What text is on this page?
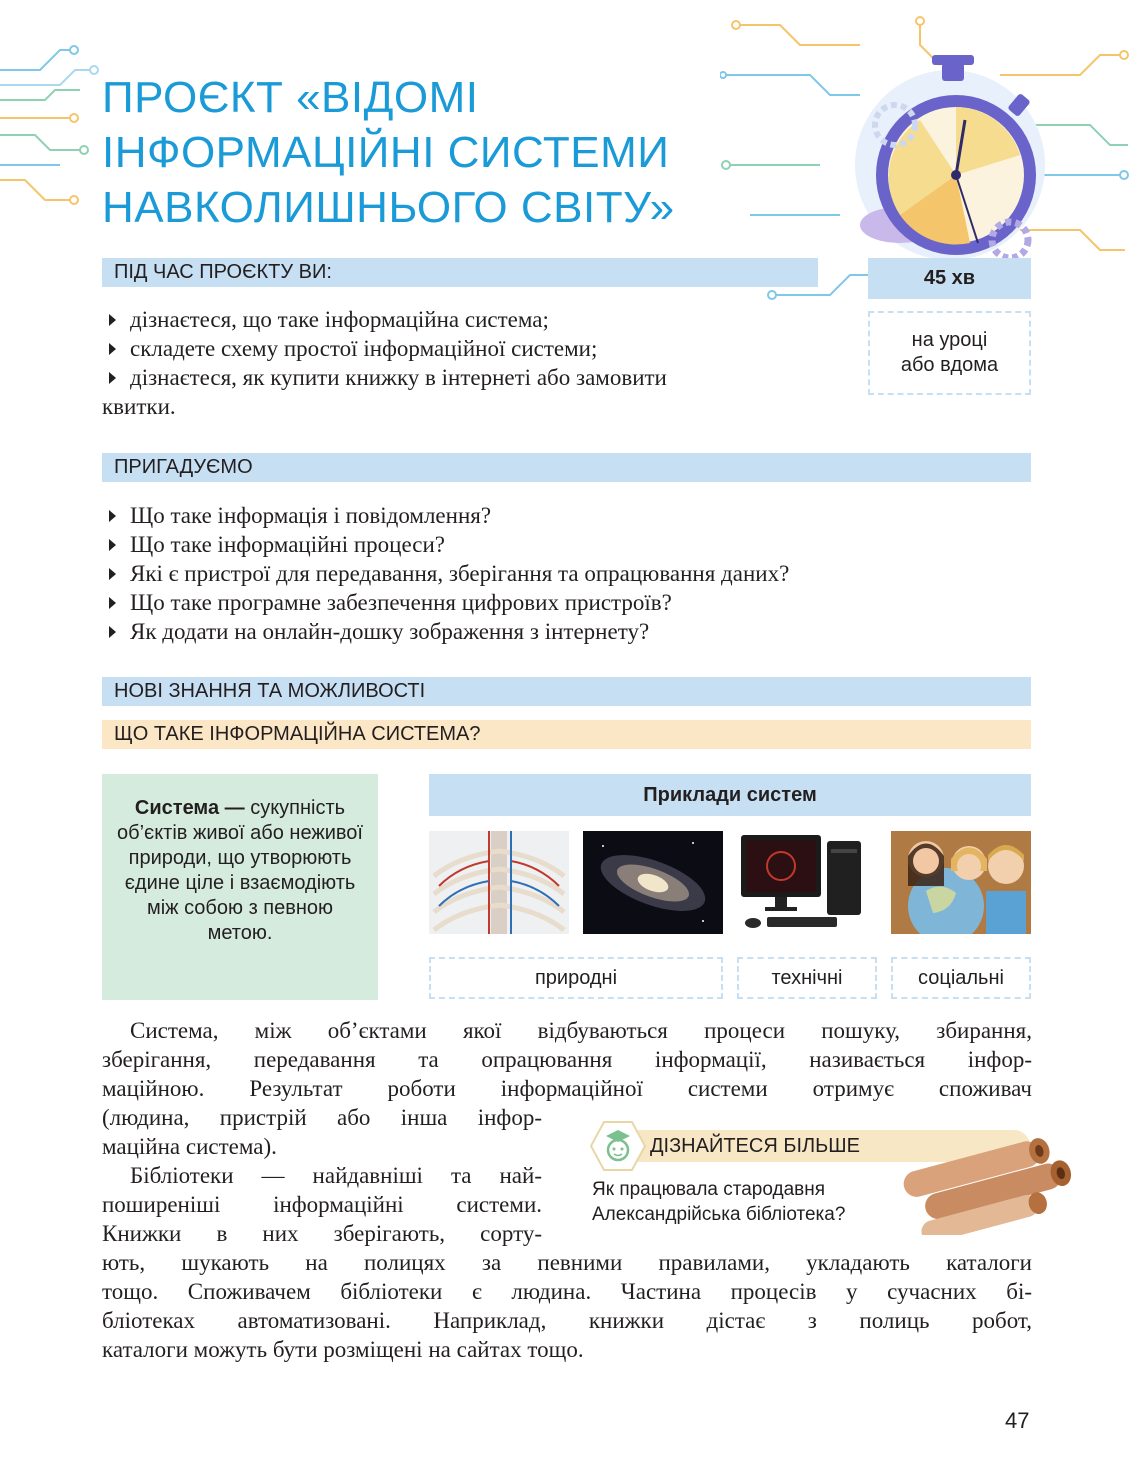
ПРОЄКТ «ВІДОМІ
ІНФОРМАЦІЙНІ СИСТЕМИ
НАВКОЛИШНЬОГО СВІТУ»
ПІД ЧАС ПРОЄКТУ ВИ:	45 хв
на уроці
або вдома
дізнаєтеся, що таке інформаційна система;
складете схему простої інформаційної системи;
дізнаєтеся, як купити книжку в інтернеті або замовити
квитки.
ПРИГАДУЄМО
Що таке інформація і повідомлення?
Що таке інформаційні процеси?
Які є пристрої для передавання, зберігання та опрацювання даних?
Що таке програмне забезпечення цифрових пристроїв?
Як додати на онлайн-дошку зображення з інтернету?
НОВІ ЗНАННЯ ТА МОЖЛИВОСТІ
ЩО ТАКЕ ІНФОРМАЦІЙНА СИСТЕМА?
Система — сукупність об’єктів живої або неживої природи, що утворюють єдине ціле і взаємодіють між собою з певною метою.
Приклади систем
природні	технічні	соціальні
Система, між об’єктами якої відбуваються процеси пошуку, збирання,
зберігання, передавання та опрацювання інформації, називається інфор-
маційною. Результат роботи інформаційної системи отримує споживач
(людина, пристрій або інша інфор-
маційна система).
Бібліотеки — найдавніші та най-
поширеніші інформаційні системи.
Книжки в них зберігають, сорту-
ють, шукають на полицях за певними правилами, укладають каталоги
тощо. Споживачем бібліотеки є людина. Частина процесів у сучасних бі-
бліотеках автоматизовані. Наприклад, книжки дістає з полиць робот,
каталоги можуть бути розміщені на сайтах тощо.
ДІЗНАЙТЕСЯ БІЛЬШЕ
Як працювала стародавня
Александрійська бібліотека?
47
